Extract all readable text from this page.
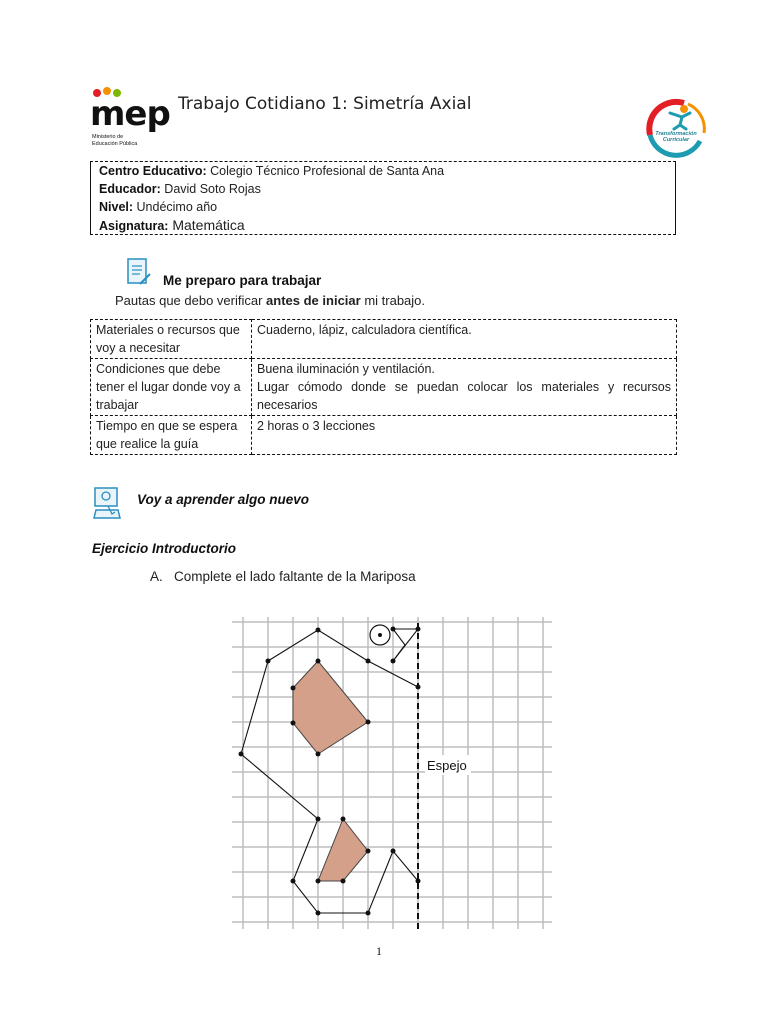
mep
Ministerio de
Educación Pública
Trabajo Cotidiano 1: Simetría Axial
Transformación
Curricular
Centro Educativo: Colegio Técnico Profesional de Santa Ana
Educador: David Soto Rojas
Nivel: Undécimo año
Asignatura: Matemática
Me preparo para trabajar
Pautas que debo verificar antes de iniciar mi trabajo.
Materiales o recursos que voy a necesitar	Cuaderno, lápiz, calculadora científica.
Condiciones que debe tener el lugar donde voy a trabajar	Buena iluminación y ventilación.
Lugar cómodo donde se puedan colocar los materiales y recursos necesarios

Tiempo en que se espera que realice la guía	2 horas o 3 lecciones
Voy a aprender algo nuevo
Ejercicio Introductorio
A. Complete el lado faltante de la Mariposa
Espejo
1
